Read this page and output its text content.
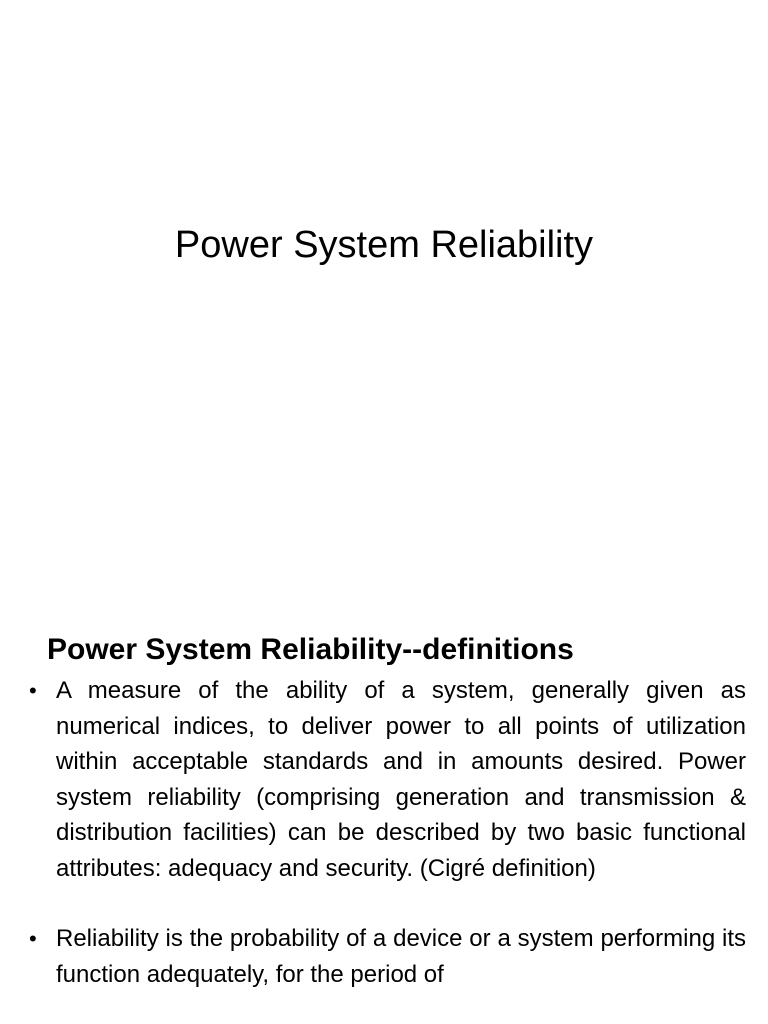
Power System Reliability
Power System Reliability--definitions
• A measure of the ability of a system, generally given as numerical indices, to deliver power to all points of utilization within acceptable standards and in amounts desired. Power system reliability (comprising generation and transmission & distribution facilities) can be described by two basic functional attributes: adequacy and security. (Cigré definition)
• Reliability is the probability of a device or a system performing its function adequately, for the period of
